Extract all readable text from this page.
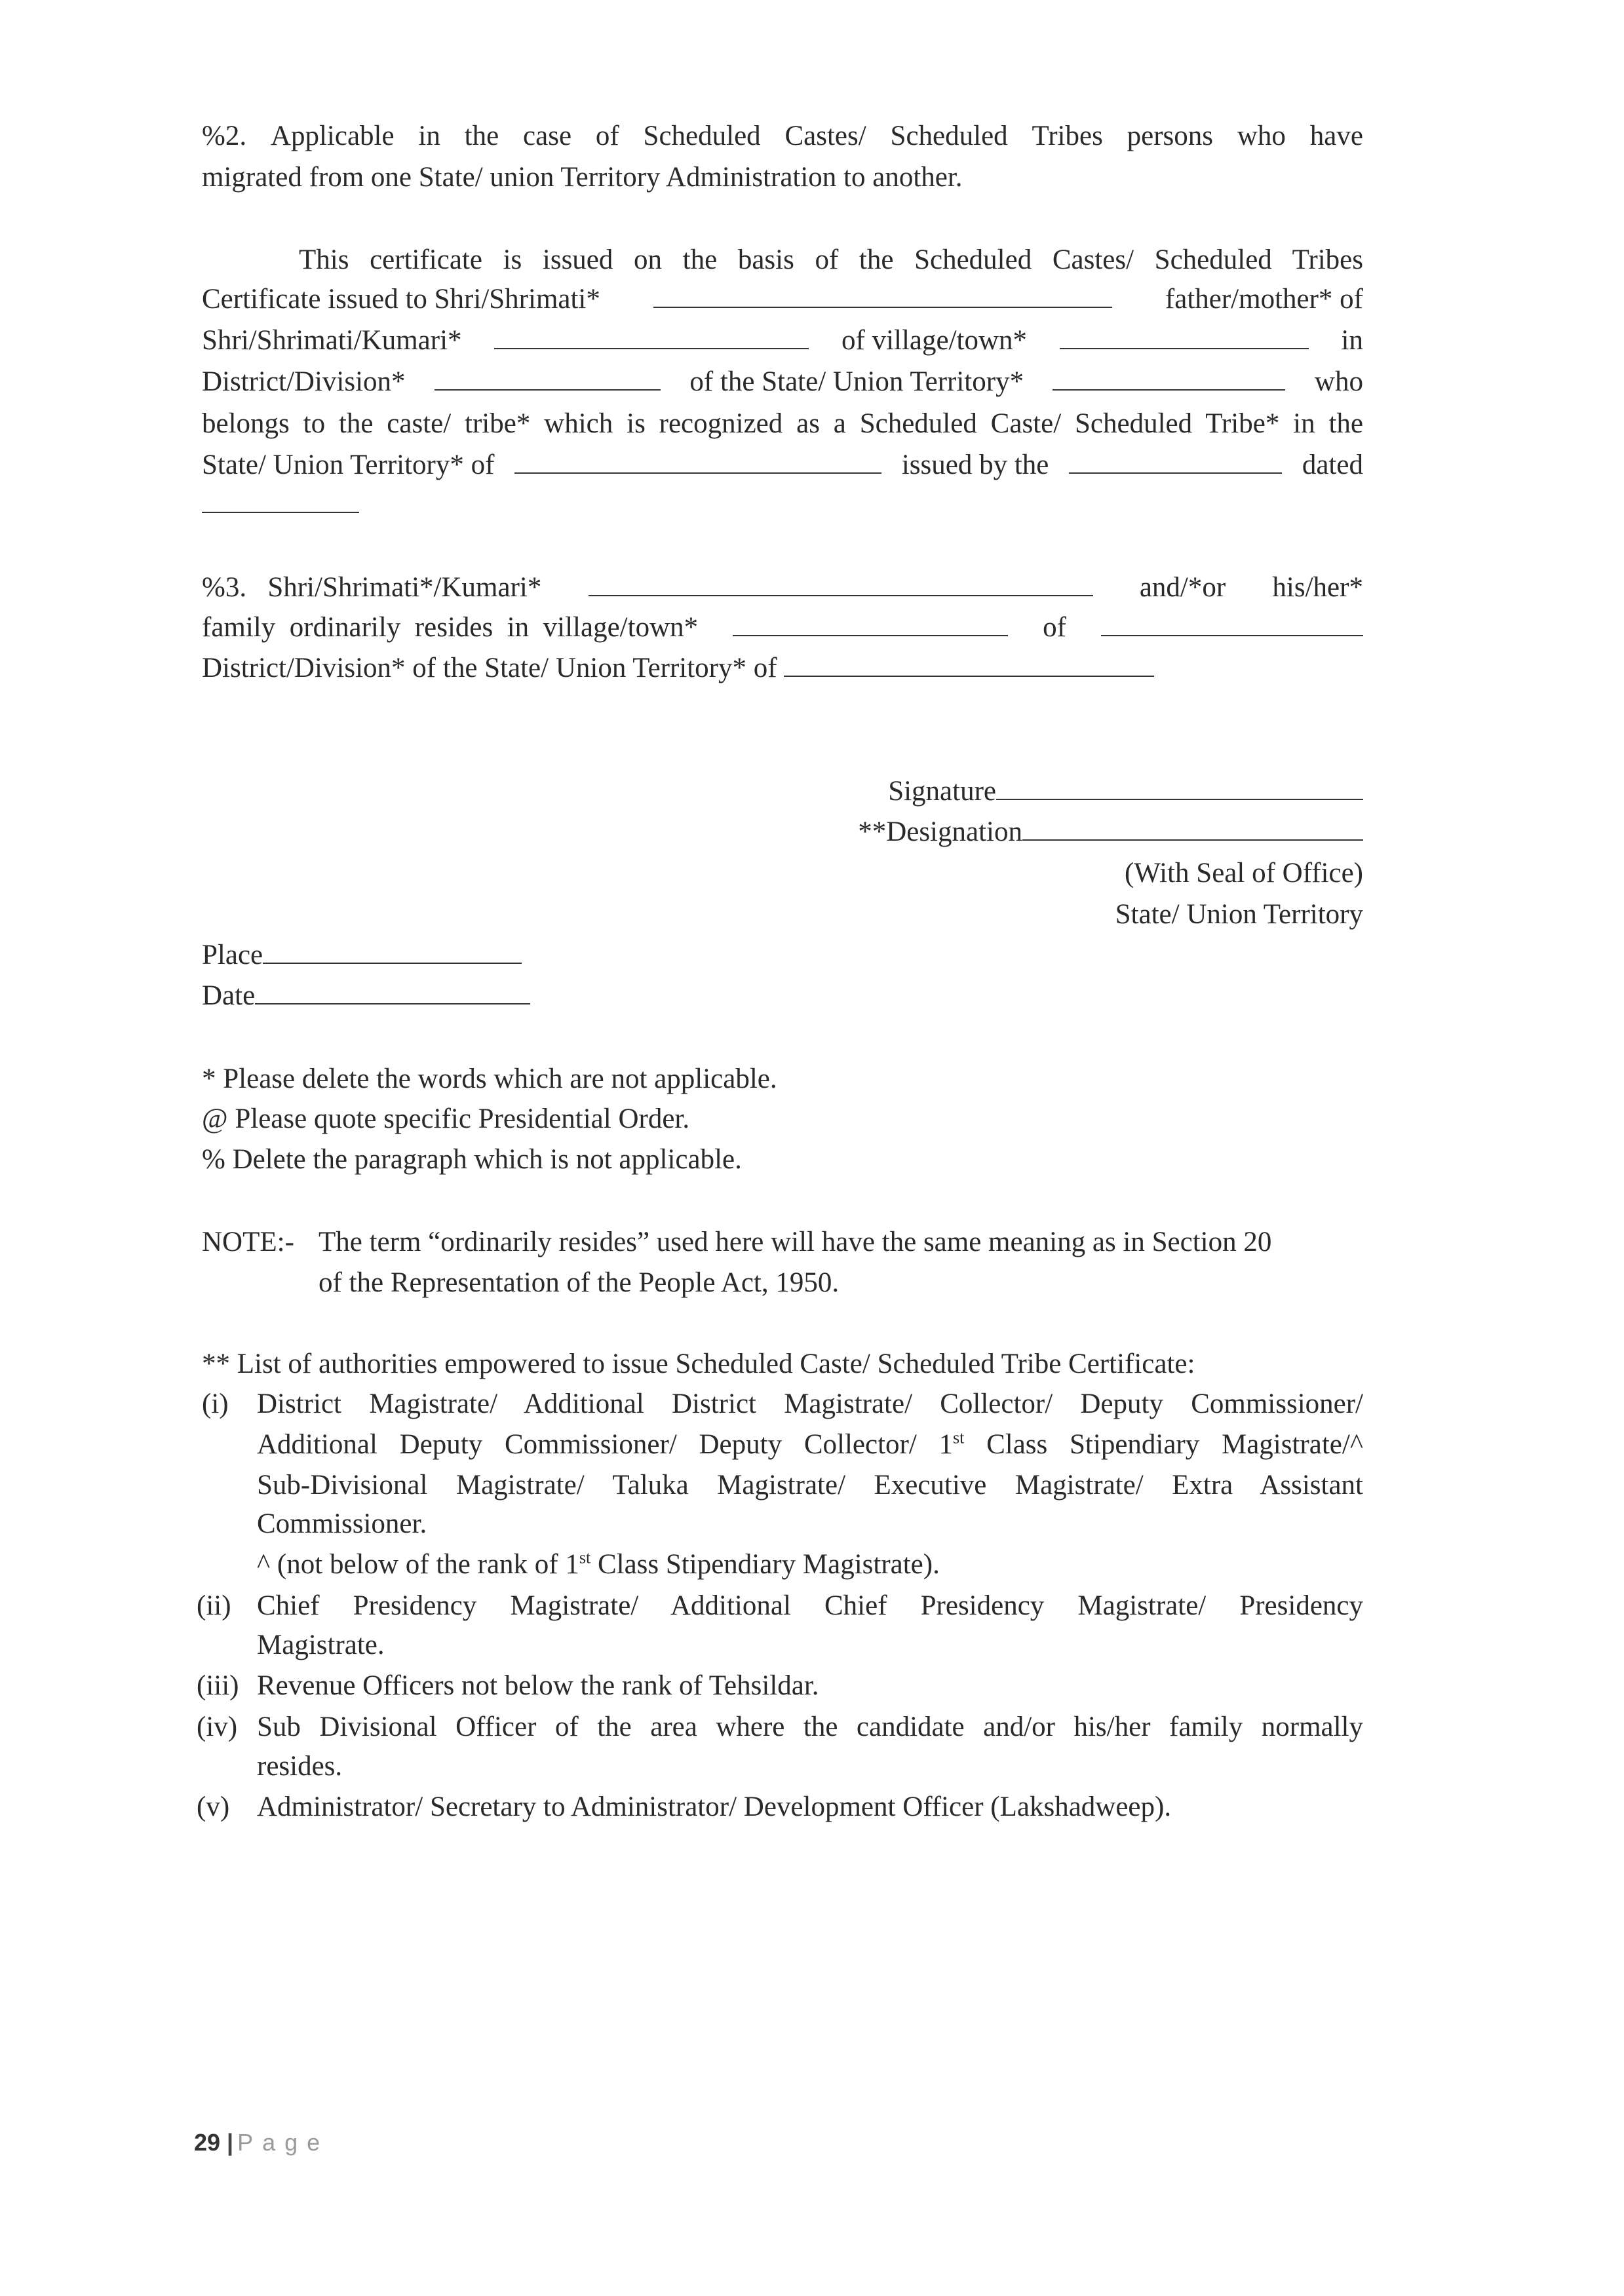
%2. Applicable in the case of Scheduled Castes/ Scheduled Tribes persons who have
migrated from one State/ union Territory Administration to another.
This certificate is issued on the basis of the Scheduled Castes/ Scheduled Tribes
Certificate issued to Shri/Shrimati*	father/mother* of
Shri/Shrimati/Kumari*	of village/town*	in
District/Division*	of the State/ Union Territory*	who
belongs to the caste/ tribe* which is recognized as a Scheduled Caste/ Scheduled Tribe* in the
State/ Union Territory* of	issued by the	dated
%3.   Shri/Shrimati*/Kumari*	and/*or his/her*
family  ordinarily  resides  in  village/town*	of
District/Division* of the State/ Union Territory* of
Signature
**Designation
(With Seal of Office)
State/ Union Territory
Place
Date
* Please delete the words which are not applicable.
@ Please quote specific Presidential Order.
% Delete the paragraph which is not applicable.
NOTE:- The term “ordinarily resides” used here will have the same meaning as in Section 20
of the Representation of the People Act, 1950.
** List of authorities empowered to issue Scheduled Caste/ Scheduled Tribe Certificate:
(i)	District Magistrate/ Additional District Magistrate/ Collector/ Deputy Commissioner/
Additional Deputy Commissioner/ Deputy Collector/ 1st Class Stipendiary Magistrate/^
Sub-Divisional Magistrate/ Taluka Magistrate/ Executive Magistrate/ Extra Assistant
Commissioner.
^ (not below of the rank of 1st Class Stipendiary Magistrate).
(ii) Chief Presidency Magistrate/ Additional Chief Presidency Magistrate/ Presidency
Magistrate.
(iii) Revenue Officers not below the rank of Tehsildar.
(iv) Sub Divisional Officer of the area where the candidate and/or his/her family normally
resides.
(v) Administrator/ Secretary to Administrator/ Development Officer (Lakshadweep).
29 | Page
